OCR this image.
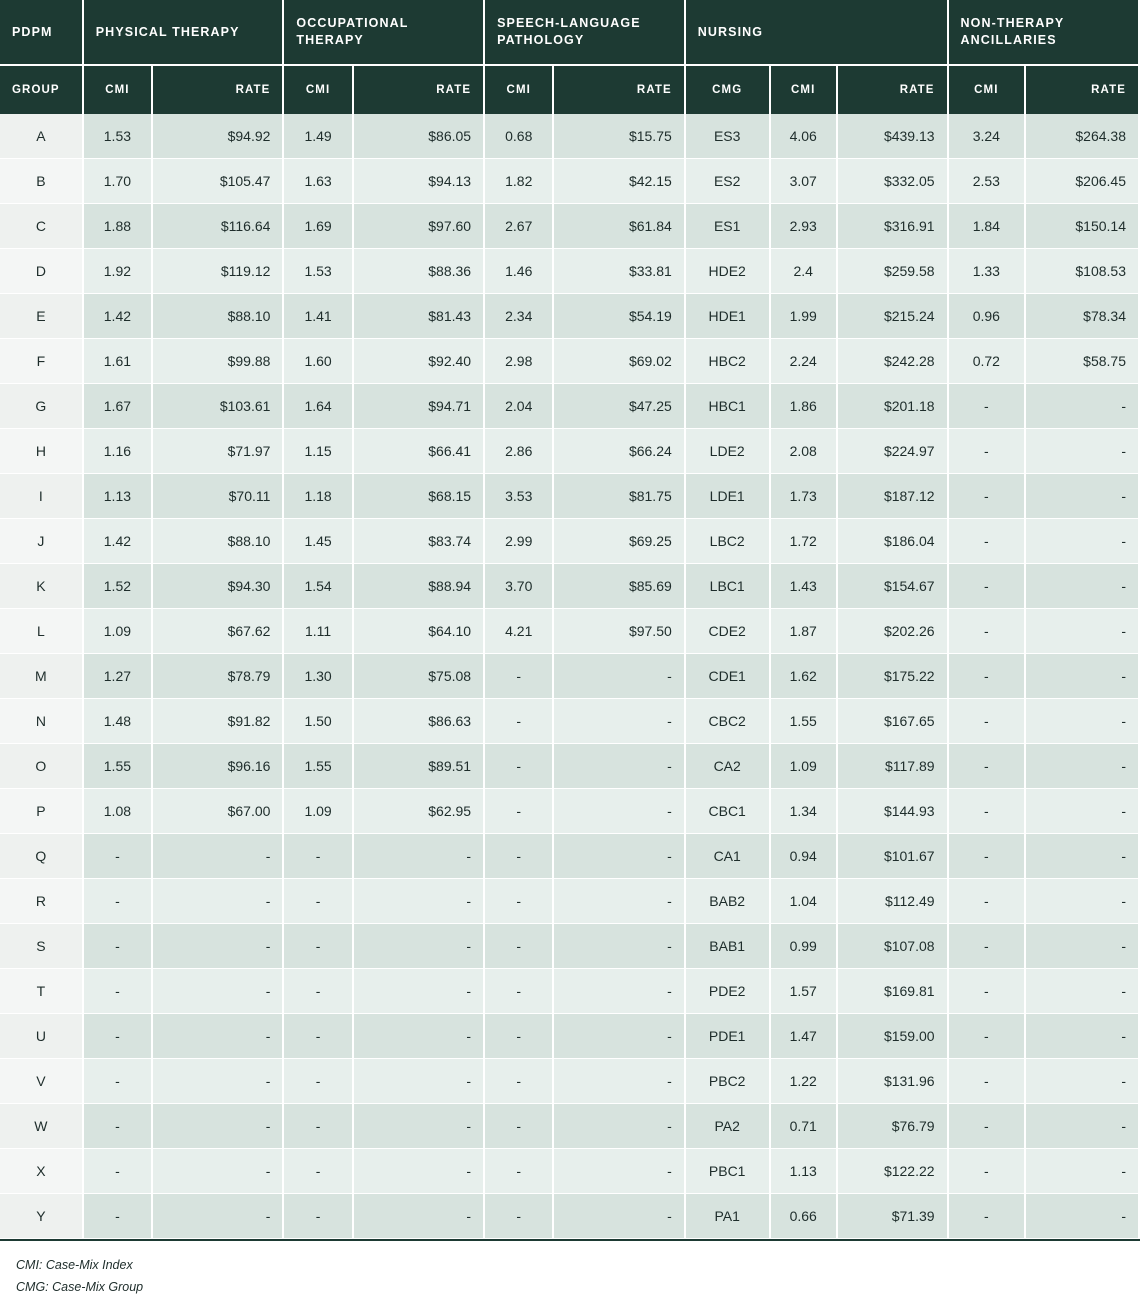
PDPM	PHYSICAL THERAPY		OCCUPATIONAL THERAPY		SPEECH-LANGUAGE PATHOLOGY		NURSING			NON-THERAPY ANCILLARIES	
GROUP	CMI	RATE	CMI	RATE	CMI	RATE	CMG	CMI	RATE	CMI	RATE
A	1.53	$94.92	1.49	$86.05	0.68	$15.75	ES3	4.06	$439.13	3.24	$264.38
B	1.70	$105.47	1.63	$94.13	1.82	$42.15	ES2	3.07	$332.05	2.53	$206.45
C	1.88	$116.64	1.69	$97.60	2.67	$61.84	ES1	2.93	$316.91	1.84	$150.14
D	1.92	$119.12	1.53	$88.36	1.46	$33.81	HDE2	2.4	$259.58	1.33	$108.53
E	1.42	$88.10	1.41	$81.43	2.34	$54.19	HDE1	1.99	$215.24	0.96	$78.34
F	1.61	$99.88	1.60	$92.40	2.98	$69.02	HBC2	2.24	$242.28	0.72	$58.75
G	1.67	$103.61	1.64	$94.71	2.04	$47.25	HBC1	1.86	$201.18	-	-
H	1.16	$71.97	1.15	$66.41	2.86	$66.24	LDE2	2.08	$224.97	-	-
I	1.13	$70.11	1.18	$68.15	3.53	$81.75	LDE1	1.73	$187.12	-	-
J	1.42	$88.10	1.45	$83.74	2.99	$69.25	LBC2	1.72	$186.04	-	-
K	1.52	$94.30	1.54	$88.94	3.70	$85.69	LBC1	1.43	$154.67	-	-
L	1.09	$67.62	1.11	$64.10	4.21	$97.50	CDE2	1.87	$202.26	-	-
M	1.27	$78.79	1.30	$75.08	-	-	CDE1	1.62	$175.22	-	-
N	1.48	$91.82	1.50	$86.63	-	-	CBC2	1.55	$167.65	-	-
O	1.55	$96.16	1.55	$89.51	-	-	CA2	1.09	$117.89	-	-
P	1.08	$67.00	1.09	$62.95	-	-	CBC1	1.34	$144.93	-	-
Q	-	-	-	-	-	-	CA1	0.94	$101.67	-	-
R	-	-	-	-	-	-	BAB2	1.04	$112.49	-	-
S	-	-	-	-	-	-	BAB1	0.99	$107.08	-	-
T	-	-	-	-	-	-	PDE2	1.57	$169.81	-	-
U	-	-	-	-	-	-	PDE1	1.47	$159.00	-	-
V	-	-	-	-	-	-	PBC2	1.22	$131.96	-	-
W	-	-	-	-	-	-	PA2	0.71	$76.79	-	-
X	-	-	-	-	-	-	PBC1	1.13	$122.22	-	-
Y	-	-	-	-	-	-	PA1	0.66	$71.39	-	-
CMI: Case-Mix Index
CMG: Case-Mix Group
